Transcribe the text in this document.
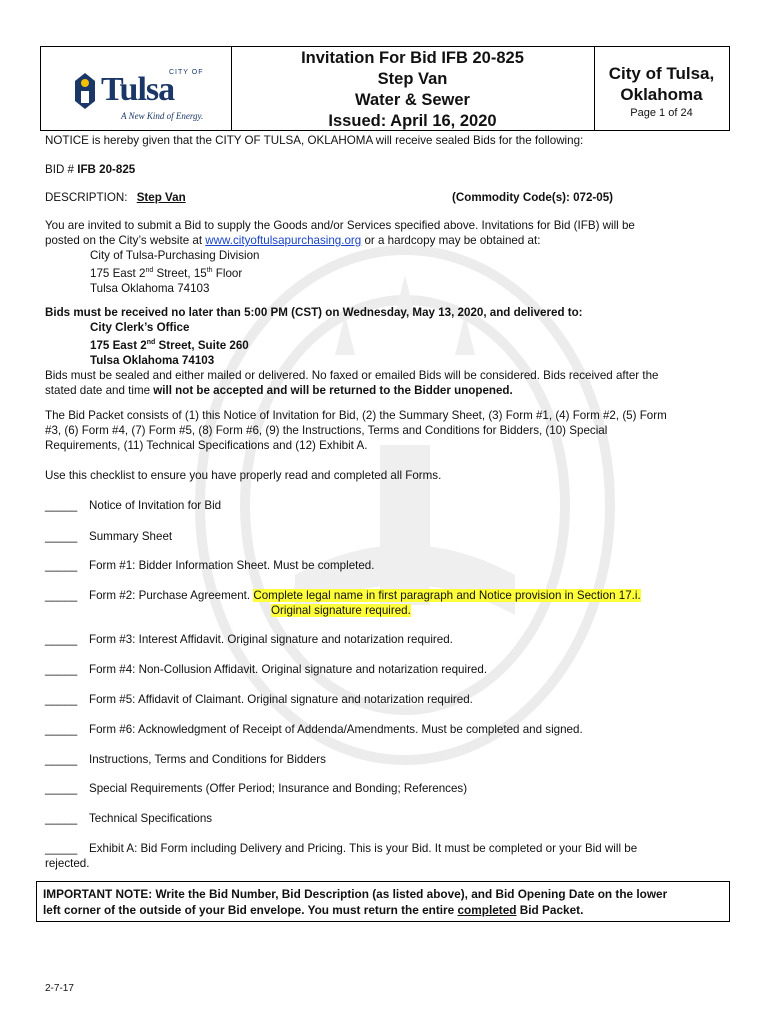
CITY OF
Tulsa
A New Kind of Energy.
Invitation For Bid IFB 20-825
Step Van
Water & Sewer
Issued: April 16, 2020
City of Tulsa,
Oklahoma
Page 1 of 24
NOTICE is hereby given that the CITY OF TULSA, OKLAHOMA will receive sealed Bids for the following:
BID # IFB 20-825
DESCRIPTION: Step Van	(Commodity Code(s): 072-05)
You are invited to submit a Bid to supply the Goods and/or Services specified above. Invitations for Bid (IFB) will be
posted on the City’s website at www.cityoftulsapurchasing.org or a hardcopy may be obtained at:
City of Tulsa-Purchasing Division
175 East 2nd Street, 15th Floor
Tulsa Oklahoma 74103
Bids must be received no later than 5:00 PM (CST) on Wednesday, May 13, 2020, and delivered to:
City Clerk’s Office
175 East 2nd Street, Suite 260
Tulsa Oklahoma 74103
Bids must be sealed and either mailed or delivered. No faxed or emailed Bids will be considered. Bids received after the
stated date and time will not be accepted and will be returned to the Bidder unopened.
The Bid Packet consists of (1) this Notice of Invitation for Bid, (2) the Summary Sheet, (3) Form #1, (4) Form #2, (5) Form
#3, (6) Form #4, (7) Form #5, (8) Form #6, (9) the Instructions, Terms and Conditions for Bidders, (10) Special
Requirements, (11) Technical Specifications and (12) Exhibit A.
Use this checklist to ensure you have properly read and completed all Forms.
_____ Notice of Invitation for Bid
_____ Summary Sheet
_____ Form #1: Bidder Information Sheet. Must be completed.
_____ Form #2: Purchase Agreement. Complete legal name in first paragraph and Notice provision in Section 17.i.
Original signature required.
_____ Form #3: Interest Affidavit. Original signature and notarization required.
_____ Form #4: Non-Collusion Affidavit. Original signature and notarization required.
_____ Form #5: Affidavit of Claimant. Original signature and notarization required.
_____ Form #6: Acknowledgment of Receipt of Addenda/Amendments. Must be completed and signed.
_____ Instructions, Terms and Conditions for Bidders
_____ Special Requirements (Offer Period; Insurance and Bonding; References)
_____ Technical Specifications
_____ Exhibit A: Bid Form including Delivery and Pricing. This is your Bid. It must be completed or your Bid will be
rejected.
IMPORTANT NOTE: Write the Bid Number, Bid Description (as listed above), and Bid Opening Date on the lower
left corner of the outside of your Bid envelope. You must return the entire completed Bid Packet.
2-7-17
